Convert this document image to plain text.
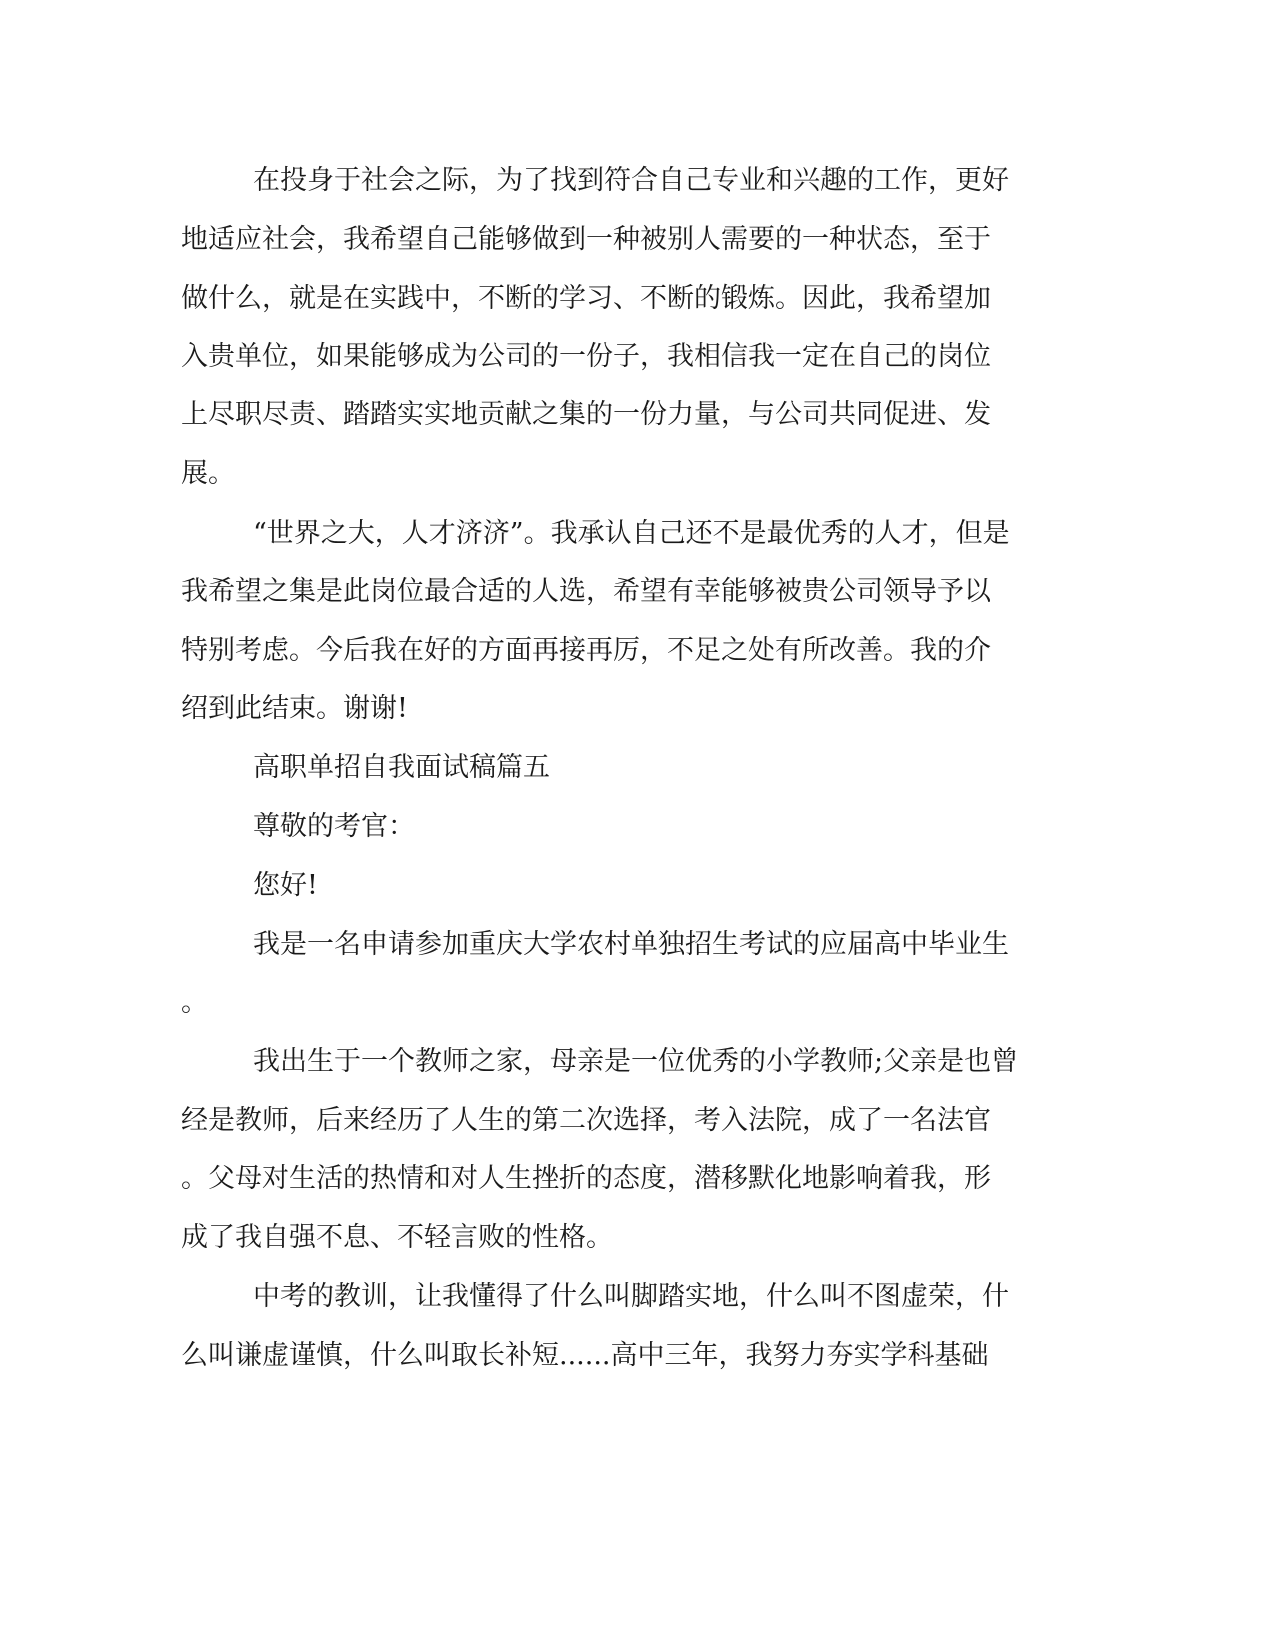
在投身于社会之际，为了找到符合自己专业和兴趣的工作，更好
地适应社会，我希望自己能够做到一种被别人需要的一种状态，至于
做什么，就是在实践中，不断的学习、不断的锻炼。因此，我希望加
入贵单位，如果能够成为公司的一份子，我相信我一定在自己的岗位
上尽职尽责、踏踏实实地贡献之集的一份力量，与公司共同促进、发
展。
“世界之大，人才济济”。我承认自己还不是最优秀的人才，但是
我希望之集是此岗位最合适的人选，希望有幸能够被贵公司领导予以
特别考虑。今后我在好的方面再接再厉，不足之处有所改善。我的介
绍到此结束。谢谢!
高职单招自我面试稿篇五
尊敬的考官：
您好!
我是一名申请参加重庆大学农村单独招生考试的应届高中毕业生
。
我出生于一个教师之家，母亲是一位优秀的小学教师;父亲是也曾
经是教师，后来经历了人生的第二次选择，考入法院，成了一名法官
。父母对生活的热情和对人生挫折的态度，潜移默化地影响着我，形
成了我自强不息、不轻言败的性格。
中考的教训，让我懂得了什么叫脚踏实地，什么叫不图虚荣，什
么叫谦虚谨慎，什么叫取长补短......高中三年，我努力夯实学科基础
